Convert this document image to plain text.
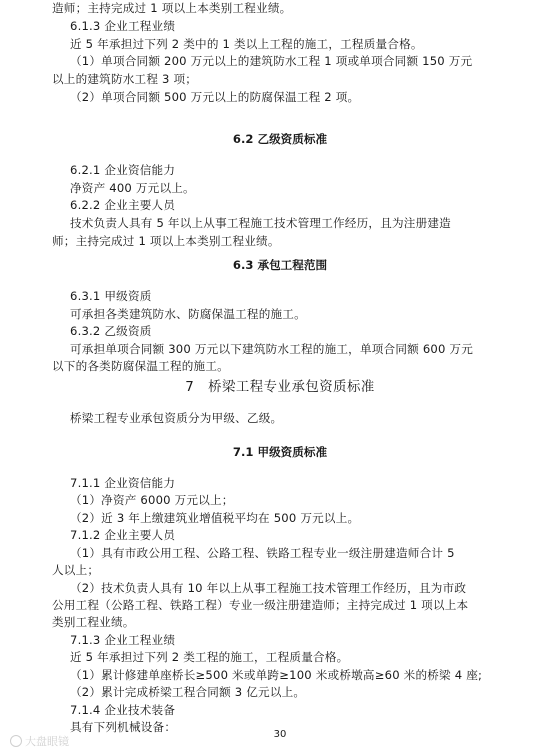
造师；主持完成过 1 项以上本类别工程业绩。
6.1.3 企业工程业绩
近 5 年承担过下列 2 类中的 1 类以上工程的施工，工程质量合格。
（1）单项合同额 200 万元以上的建筑防水工程 1 项或单项合同额 150 万元
以上的建筑防水工程 3 项；
（2）单项合同额 500 万元以上的防腐保温工程 2 项。
6.2 乙级资质标准
6.2.1 企业资信能力
净资产 400 万元以上。
6.2.2 企业主要人员
技术负责人具有 5 年以上从事工程施工技术管理工作经历，且为注册建造
师；主持完成过 1 项以上本类别工程业绩。
6.3 承包工程范围
6.3.1 甲级资质
可承担各类建筑防水、防腐保温工程的施工。
6.3.2 乙级资质
可承担单项合同额 300 万元以下建筑防水工程的施工，单项合同额 600 万元
以下的各类防腐保温工程的施工。
7　桥梁工程专业承包资质标准
桥梁工程专业承包资质分为甲级、乙级。
7.1 甲级资质标准
7.1.1 企业资信能力
（1）净资产 6000 万元以上；
（2）近 3 年上缴建筑业增值税平均在 500 万元以上。
7.1.2 企业主要人员
（1）具有市政公用工程、公路工程、铁路工程专业一级注册建造师合计 5
人以上；
（2）技术负责人具有 10 年以上从事工程施工技术管理工作经历，且为市政
公用工程（公路工程、铁路工程）专业一级注册建造师；主持完成过 1 项以上本
类别工程业绩。
7.1.3 企业工程业绩
近 5 年承担过下列 2 类工程的施工，工程质量合格。
（1）累计修建单座桥长≥500 米或单跨≥100 米或桥墩高≥60 米的桥梁 4 座;
（2）累计完成桥梁工程合同额 3 亿元以上。
7.1.4 企业技术装备
具有下列机械设备：
30
大盘眼镜
